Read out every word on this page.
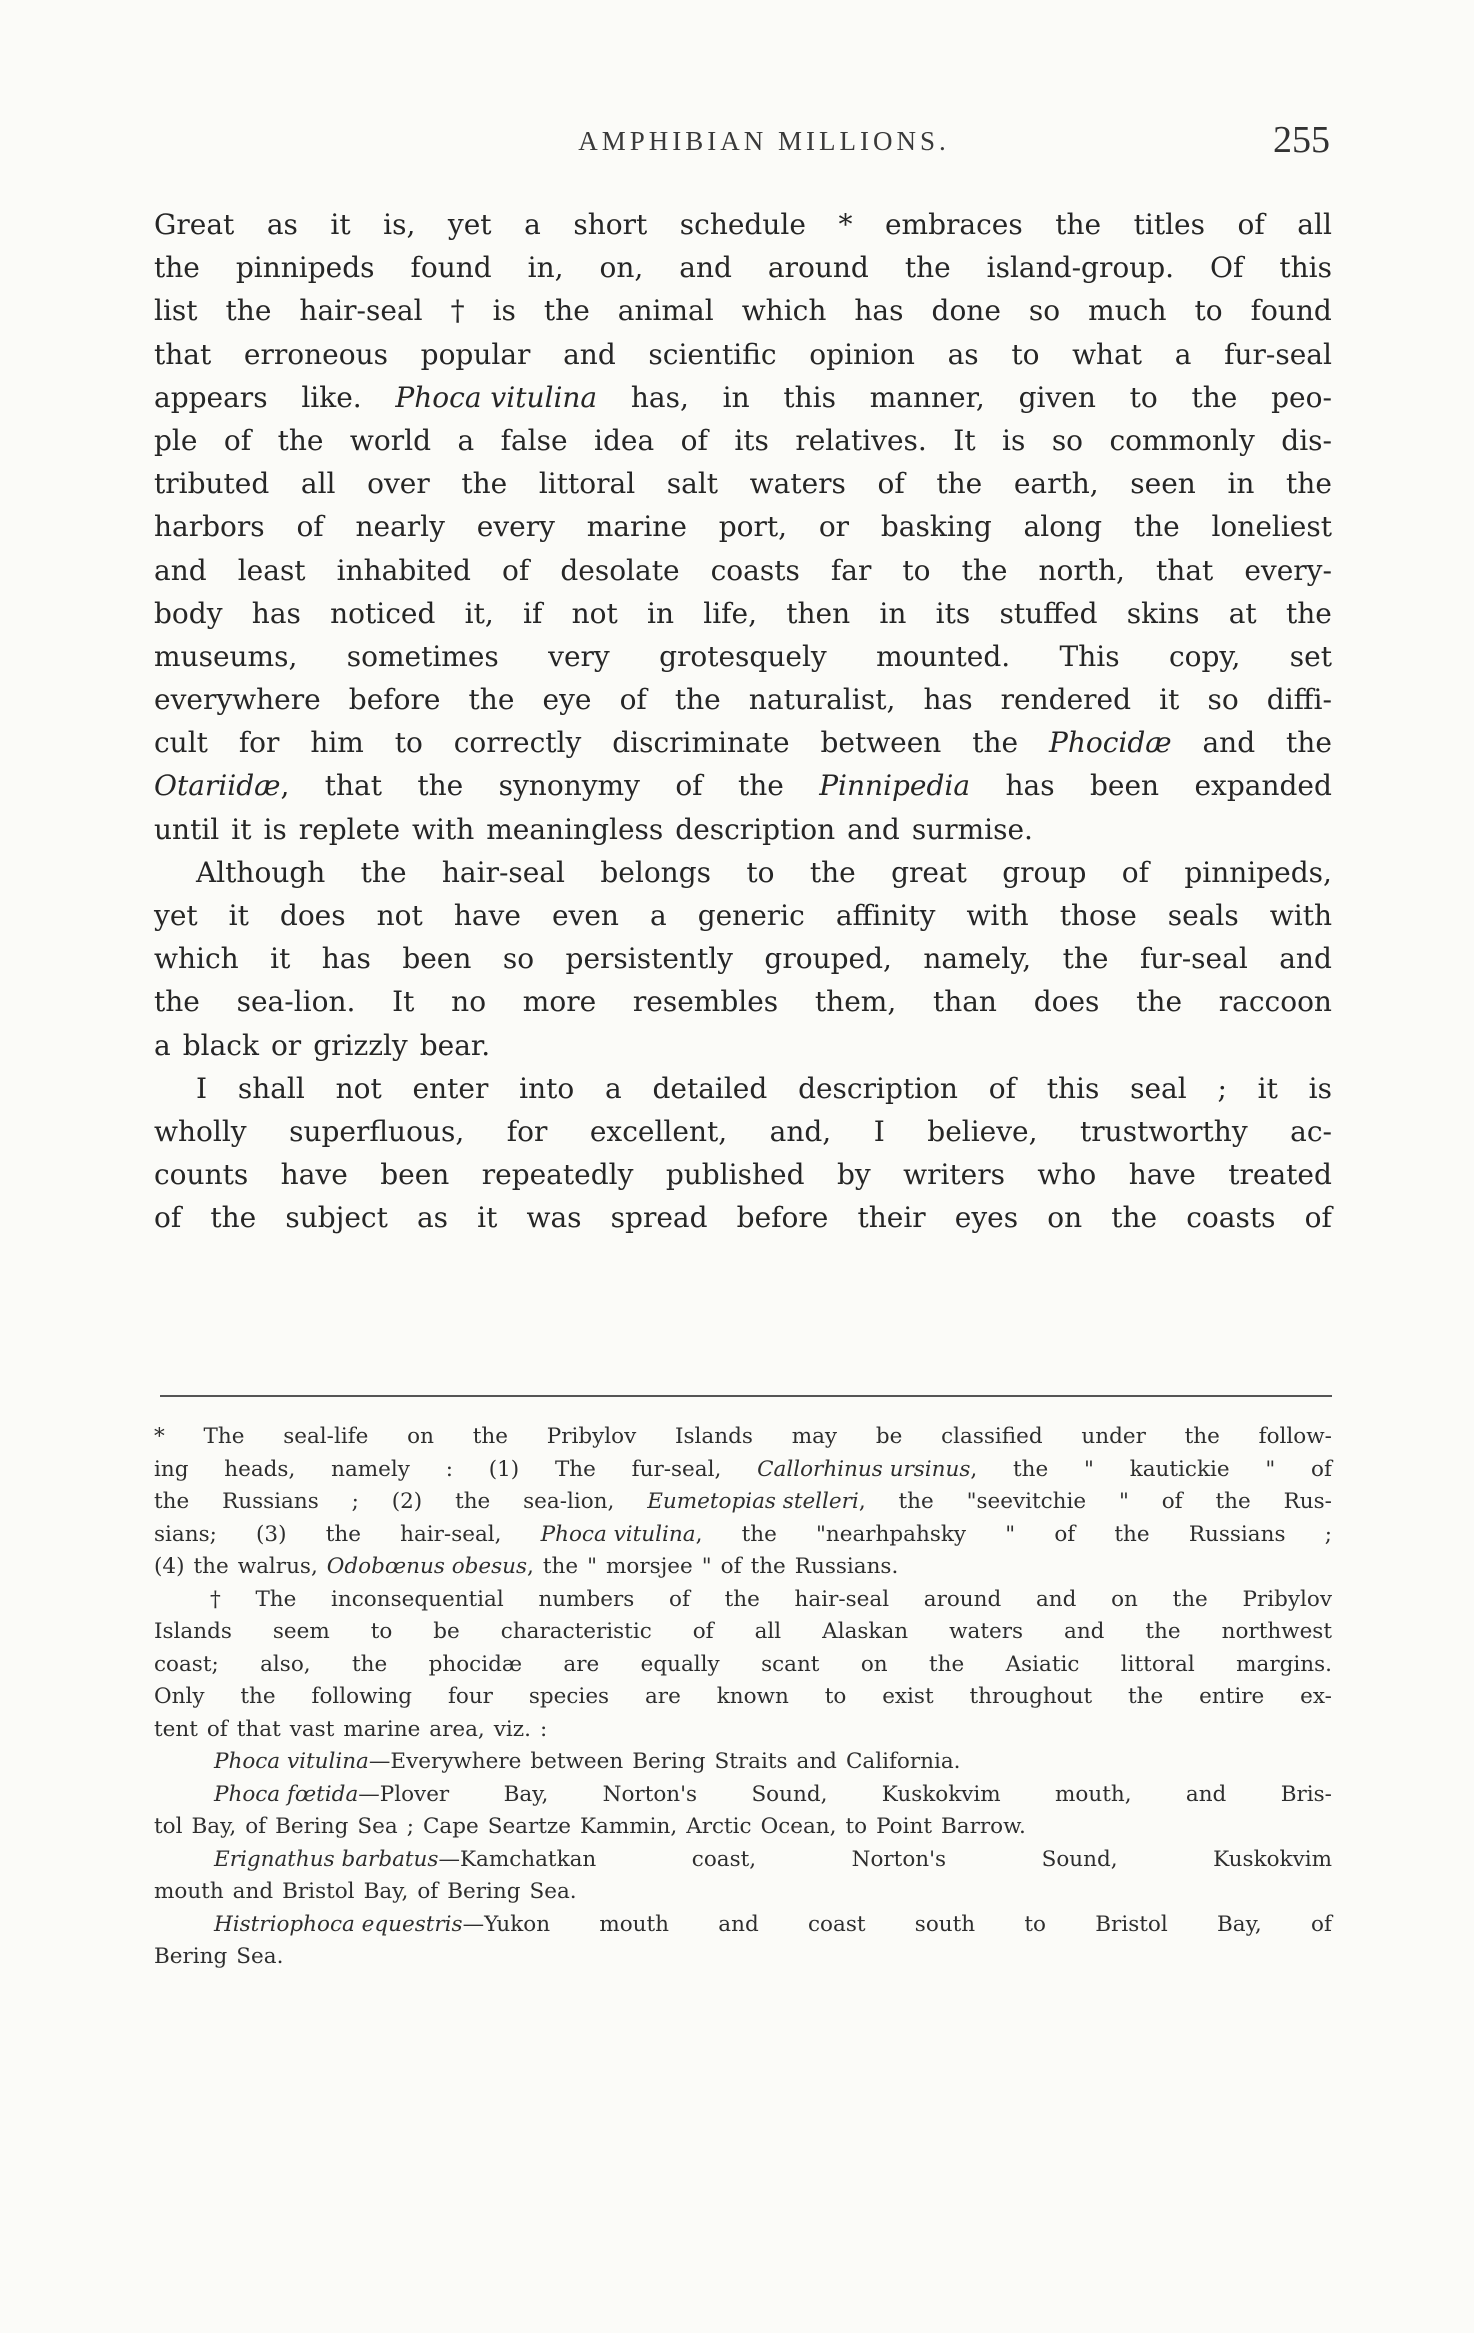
AMPHIBIAN MILLIONS.	255
Great as it is, yet a short schedule * embraces the titles of all
the pinnipeds found in, on, and around the island-group. Of this
list the hair-seal † is the animal which has done so much to found
that erroneous popular and scientific opinion as to what a fur-seal
appears like. Phoca vitulina has, in this manner, given to the peo-
ple of the world a false idea of its relatives. It is so commonly dis-
tributed all over the littoral salt waters of the earth, seen in the
harbors of nearly every marine port, or basking along the loneliest
and least inhabited of desolate coasts far to the north, that every-
body has noticed it, if not in life, then in its stuffed skins at the
museums, sometimes very grotesquely mounted. This copy, set
everywhere before the eye of the naturalist, has rendered it so diffi-
cult for him to correctly discriminate between the Phocidæ and the
Otariidæ, that the synonymy of the Pinnipedia has been expanded
until it is replete with meaningless description and surmise.
Although the hair-seal belongs to the great group of pinnipeds,
yet it does not have even a generic affinity with those seals with
which it has been so persistently grouped, namely, the fur-seal and
the sea-lion. It no more resembles them, than does the raccoon
a black or grizzly bear.
I shall not enter into a detailed description of this seal ; it is
wholly superfluous, for excellent, and, I believe, trustworthy ac-
counts have been repeatedly published by writers who have treated
of the subject as it was spread before their eyes on the coasts of
* The seal-life on the Pribylov Islands may be classified under the follow-
ing heads, namely : (1) The fur-seal, Callorhinus ursinus, the " kautickie " of
the Russians ; (2) the sea-lion, Eumetopias stelleri, the "seevitchie " of the Rus-
sians; (3) the hair-seal, Phoca vitulina, the "nearhpahsky " of the Russians ;
(4) the walrus, Odobœnus obesus, the " morsjee " of the Russians.
† The inconsequential numbers of the hair-seal around and on the Pribylov
Islands seem to be characteristic of all Alaskan waters and the northwest
coast; also, the phocidæ are equally scant on the Asiatic littoral margins.
Only the following four species are known to exist throughout the entire ex-
tent of that vast marine area, viz. :
Phoca vitulina—Everywhere between Bering Straits and California.
Phoca fœtida—Plover	Bay,	Norton's	Sound,	Kuskokvim	mouth,	and	Bris-
tol Bay, of Bering Sea ; Cape Seartze Kammin, Arctic Ocean, to Point Barrow.
Erignathus barbatus—Kamchatkan	coast,	Norton's	Sound,	Kuskokvim
mouth and Bristol Bay, of Bering Sea.
Histriophoca equestris—Yukon mouth and coast south to Bristol Bay, of
Bering Sea.
